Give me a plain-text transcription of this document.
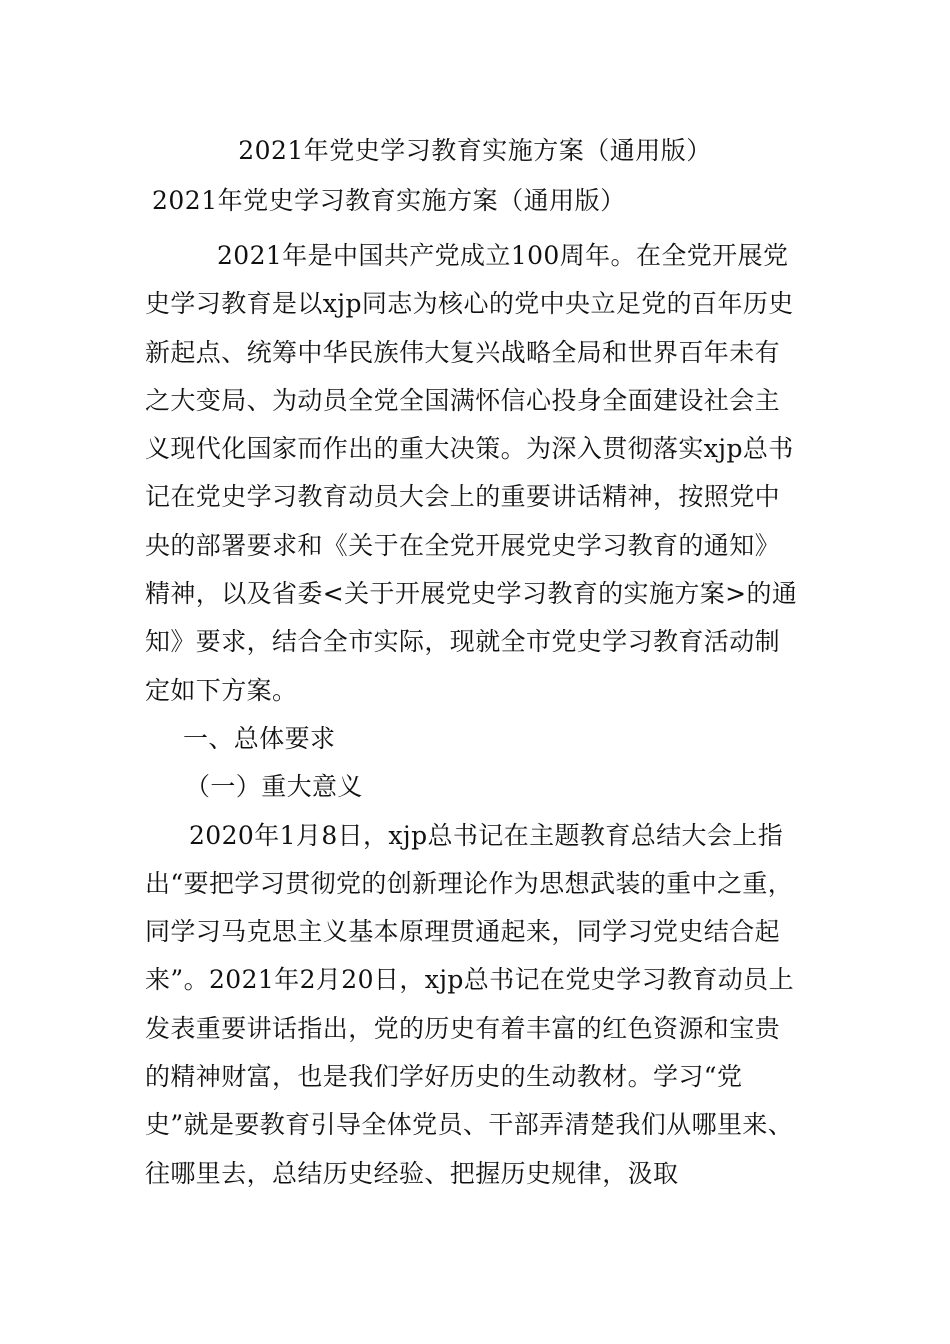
2021年党史学习教育实施方案（通用版）
2021年党史学习教育实施方案（通用版）

2021年是中国共产党成立100周年。在全党开展党史学习教育是以xjp同志为核心的党中央立足党的百年历史新起点、统筹中华民族伟大复兴战略全局和世界百年未有之大变局、为动员全党全国满怀信心投身全面建设社会主义现代化国家而作出的重大决策。为深入贯彻落实xjp总书记在党史学习教育动员大会上的重要讲话精神，按照党中央的部署要求和《关于在全党开展党史学习教育的通知》精神，以及省委<关于开展党史学习教育的实施方案>的通知》要求，结合全市实际，现就全市党史学习教育活动制定如下方案。

一、总体要求

（一）重大意义

2020年1月8日，xjp总书记在主题教育总结大会上指出“要把学习贯彻党的创新理论作为思想武装的重中之重，同学习马克思主义基本原理贯通起来，同学习党史结合起来”。2021年2月20日，xjp总书记在党史学习教育动员上发表重要讲话指出，党的历史有着丰富的红色资源和宝贵的精神财富，也是我们学好历史的生动教材。学习“党史”就是要教育引导全体党员、干部弄清楚我们从哪里来、往哪里去，总结历史经验、把握历史规律，汲取
